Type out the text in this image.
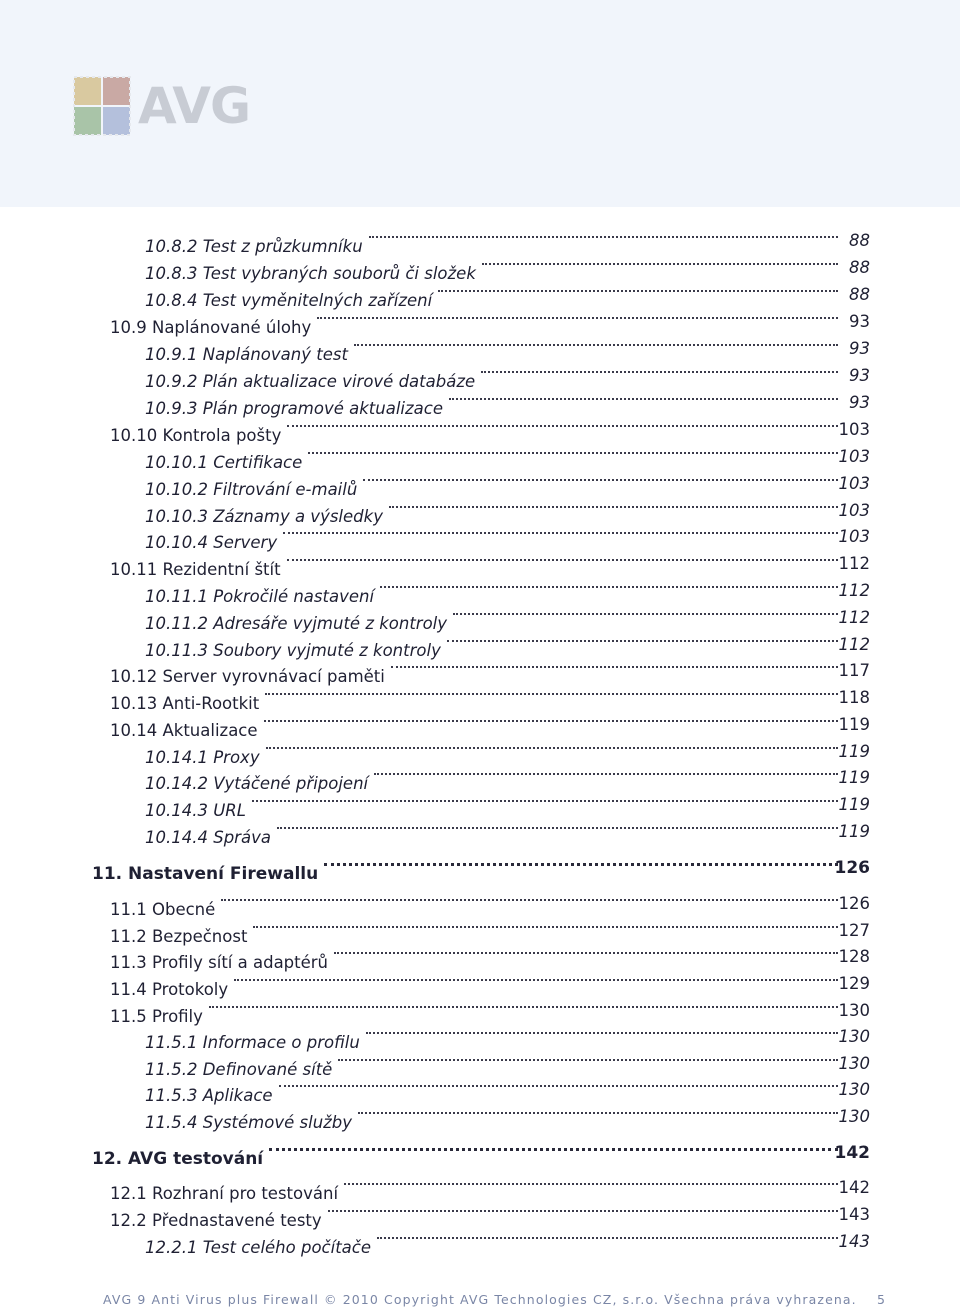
AVG
10.8.2 Test z průzkumníku	88
10.8.3 Test vybraných souborů či složek	88
10.8.4 Test vyměnitelných zařízení	88
10.9 Naplánované úlohy	93
10.9.1 Naplánovaný test	93
10.9.2 Plán aktualizace virové databáze	93
10.9.3 Plán programové aktualizace	93
10.10 Kontrola pošty	103
10.10.1 Certifikace	103
10.10.2 Filtrování e-mailů	103
10.10.3 Záznamy a výsledky	103
10.10.4 Servery	103
10.11 Rezidentní štít	112
10.11.1 Pokročilé nastavení	112
10.11.2 Adresáře vyjmuté z kontroly	112
10.11.3 Soubory vyjmuté z kontroly	112
10.12 Server vyrovnávací paměti	117
10.13 Anti-Rootkit	118
10.14 Aktualizace	119
10.14.1 Proxy	119
10.14.2 Vytáčené připojení	119
10.14.3 URL	119
10.14.4 Správa	119
11. Nastavení Firewallu	126
11.1 Obecné	126
11.2 Bezpečnost	127
11.3 Profily sítí a adaptérů	128
11.4 Protokoly	129
11.5 Profily	130
11.5.1 Informace o profilu	130
11.5.2 Definované sítě	130
11.5.3 Aplikace	130
11.5.4 Systémové služby	130
12. AVG testování	142
12.1 Rozhraní pro testování	142
12.2 Přednastavené testy	143
12.2.1 Test celého počítače	143
AVG 9 Anti Virus plus Firewall © 2010 Copyright AVG Technologies CZ, s.r.o. Všechna práva vyhrazena. 5
